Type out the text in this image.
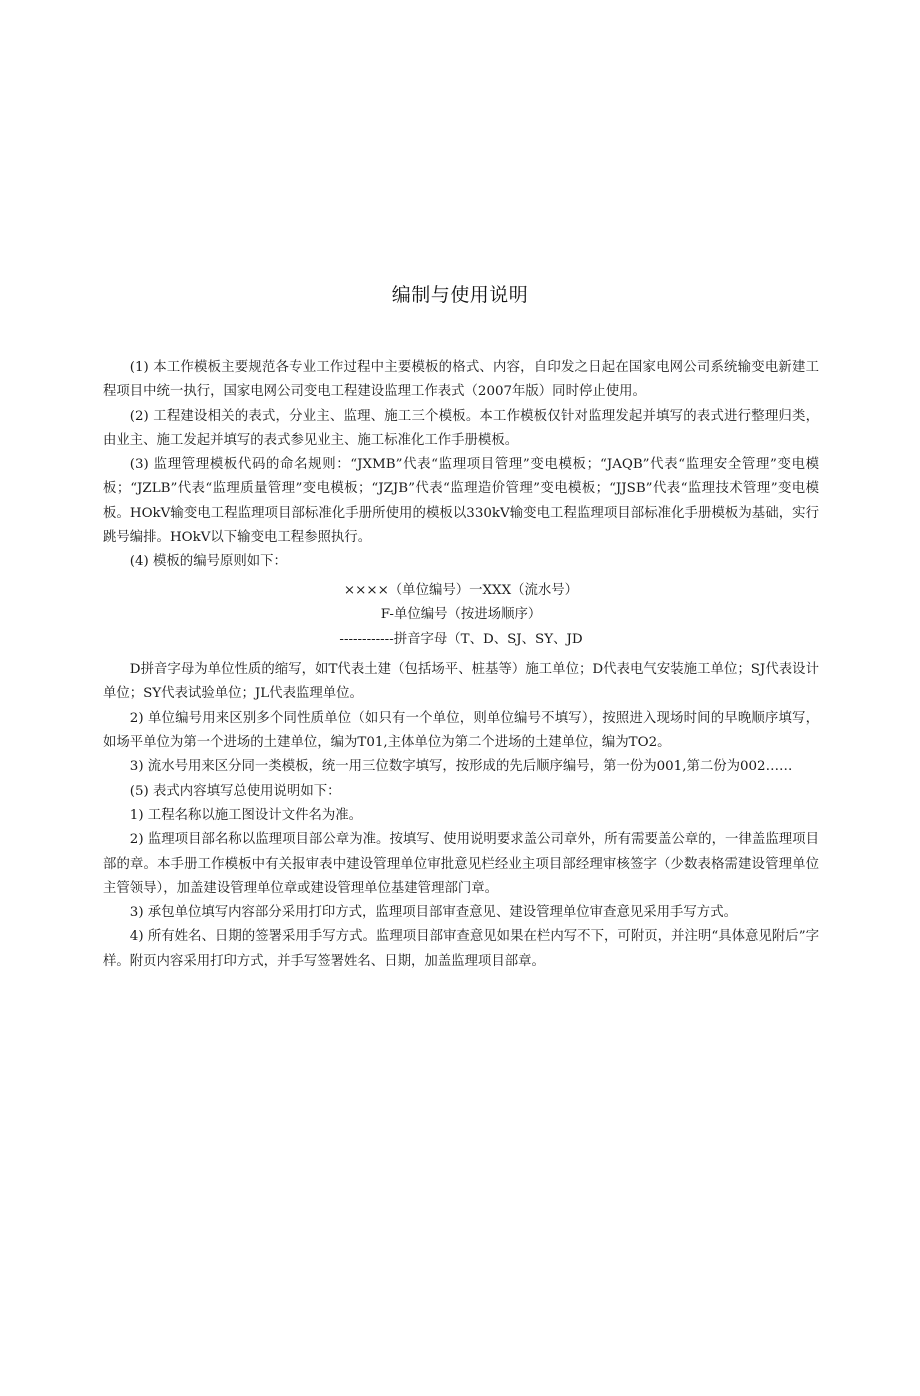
编制与使用说明

(1) 本工作模板主要规范各专业工作过程中主要模板的格式、内容，自印发之日起在国家电网公司系统输变电新建工程项目中统一执行，国家电网公司变电工程建设监理工作表式（2007年版）同时停止使用。

(2) 工程建设相关的表式，分业主、监理、施工三个模板。本工作模板仅针对监理发起并填写的表式进行整理归类，由业主、施工发起并填写的表式参见业主、施工标准化工作手册模板。

(3) 监理管理模板代码的命名规则：“JXMB”代表“监理项目管理”变电模板；“JAQB”代表“监理安全管理”变电模板；“JZLB”代表“监理质量管理”变电模板；“JZJB”代表“监理造价管理”变电模板；“JJSB”代表“监理技术管理”变电模板。HOkV输变电工程监理项目部标准化手册所使用的模板以330kV输变电工程监理项目部标准化手册模板为基础，实行跳号编排。HOkV以下输变电工程参照执行。

(4) 模板的编号原则如下：

××××（单位编号）一XXX（流水号）

F-单位编号（按进场顺序）

------------拼音字母（T、D、SJ、SY、JD

D拼音字母为单位性质的缩写，如T代表土建（包括场平、桩基等）施工单位；D代表电气安装施工单位；SJ代表设计单位；SY代表试验单位；JL代表监理单位。

2) 单位编号用来区别多个同性质单位（如只有一个单位，则单位编号不填写），按照进入现场时间的早晚顺序填写，如场平单位为第一个进场的土建单位，编为T01,主体单位为第二个进场的土建单位，编为TO2。

3) 流水号用来区分同一类模板，统一用三位数字填写，按形成的先后顺序编号，第一份为001,第二份为002……

(5) 表式内容填写总使用说明如下：

1) 工程名称以施工图设计文件名为准。

2) 监理项目部名称以监理项目部公章为准。按填写、使用说明要求盖公司章外，所有需要盖公章的，一律盖监理项目部的章。本手册工作模板中有关报审表中建设管理单位审批意见栏经业主项目部经理审核签字（少数表格需建设管理单位主管领导），加盖建设管理单位章或建设管理单位基建管理部门章。

3) 承包单位填写内容部分采用打印方式，监理项目部审查意见、建设管理单位审查意见采用手写方式。

4) 所有姓名、日期的签署采用手写方式。监理项目部审查意见如果在栏内写不下，可附页，并注明“具体意见附后”字样。附页内容采用打印方式，并手写签署姓名、日期，加盖监理项目部章。
